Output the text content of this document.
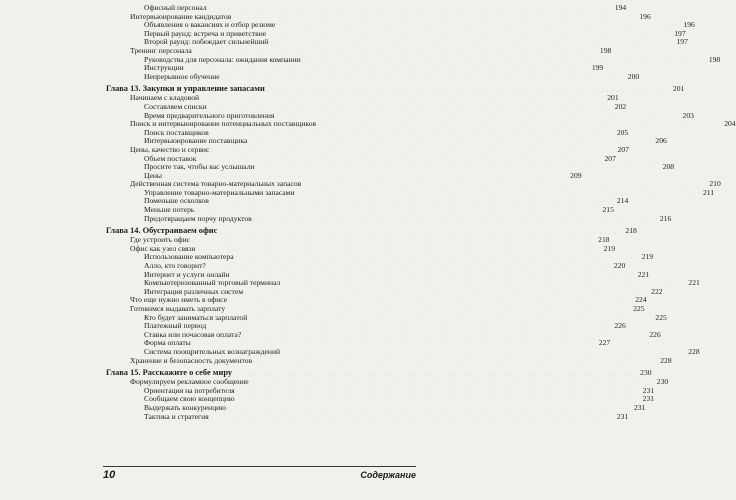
Офисный персонал . . . . . . . . . . . . . . . . . . . . . . . . . . . . . . . . . . . . . . . . . . . . . . . . . . . . . . . . . . . . . . . . . . . . . . . . . . . . . . . .	194
Интервьюирование кандидатов . . . . . . . . . . . . . . . . . . . . . . . . . . . . . . . . . . . . . . . . . . . . . . . . . . . . . . . . . . . . . . . . . . . . . . . . . . . . . . . .	196
Объявления о вакансиях и отбор резюме . . . . . . . . . . . . . . . . . . . . . . . . . . . . . . . . . . . . . . . . . . . . . . . . . . . . . . . . . . . . . . . . . . . . . . . . . . . . . . . .	196
Первый раунд: встреча и приветствие . . . . . . . . . . . . . . . . . . . . . . . . . . . . . . . . . . . . . . . . . . . . . . . . . . . . . . . . . . . . . . . . . . . . . . . . . . . . . . . .	197
Второй раунд: побеждает сильнейший . . . . . . . . . . . . . . . . . . . . . . . . . . . . . . . . . . . . . . . . . . . . . . . . . . . . . . . . . . . . . . . . . . . . . . . . . . . . . . . .	197
Тренинг персонала . . . . . . . . . . . . . . . . . . . . . . . . . . . . . . . . . . . . . . . . . . . . . . . . . . . . . . . . . . . . . . . . . . . . . . . . . . . . . . . .	198
Руководства для персонала: ожидания компании . . . . . . . . . . . . . . . . . . . . . . . . . . . . . . . . . . . . . . . . . . . . . . . . . . . . . . . . . . . . . . . . . . . . . . . . . . . . . . . .	198
Инструкции . . . . . . . . . . . . . . . . . . . . . . . . . . . . . . . . . . . . . . . . . . . . . . . . . . . . . . . . . . . . . . . . . . . . . . . . . . . . . . . .	199
Непрерывное обучение . . . . . . . . . . . . . . . . . . . . . . . . . . . . . . . . . . . . . . . . . . . . . . . . . . . . . . . . . . . . . . . . . . . . . . . . . . . . . . . .	200
Глава 13. Закупки и управление запасами . . . . . . . . . . . . . . . . . . . . . . . . . . . . . . . . . . . . . . . . . . . . . . . . . . . . . . . . . . . . . . . . . . . . . . . . . . . . . . . .	201
Начинаем с кладовой . . . . . . . . . . . . . . . . . . . . . . . . . . . . . . . . . . . . . . . . . . . . . . . . . . . . . . . . . . . . . . . . . . . . . . . . . . . . . . . .	201
Составляем списки . . . . . . . . . . . . . . . . . . . . . . . . . . . . . . . . . . . . . . . . . . . . . . . . . . . . . . . . . . . . . . . . . . . . . . . . . . . . . . . .	202
Время предварительного приготовления . . . . . . . . . . . . . . . . . . . . . . . . . . . . . . . . . . . . . . . . . . . . . . . . . . . . . . . . . . . . . . . . . . . . . . . . . . . . . . . .	203
Поиск и интервьюирование потенциальных поставщиков . . . . . . . . . . . . . . . . . . . . . . . . . . . . . . . . . . . . . . . . . . . . . . . . . . . . . . . . . . . . . . . . . . . . . . . . . . . . . . . .	204
Поиск поставщиков . . . . . . . . . . . . . . . . . . . . . . . . . . . . . . . . . . . . . . . . . . . . . . . . . . . . . . . . . . . . . . . . . . . . . . . . . . . . . . . .	205
Интервьюирование поставщика . . . . . . . . . . . . . . . . . . . . . . . . . . . . . . . . . . . . . . . . . . . . . . . . . . . . . . . . . . . . . . . . . . . . . . . . . . . . . . . .	206
Цены, качество и сервис . . . . . . . . . . . . . . . . . . . . . . . . . . . . . . . . . . . . . . . . . . . . . . . . . . . . . . . . . . . . . . . . . . . . . . . . . . . . . . . .	207
Объем поставок . . . . . . . . . . . . . . . . . . . . . . . . . . . . . . . . . . . . . . . . . . . . . . . . . . . . . . . . . . . . . . . . . . . . . . . . . . . . . . . .	207
Просите так, чтобы вас услышали . . . . . . . . . . . . . . . . . . . . . . . . . . . . . . . . . . . . . . . . . . . . . . . . . . . . . . . . . . . . . . . . . . . . . . . . . . . . . . . .	208
Цены . . . . . . . . . . . . . . . . . . . . . . . . . . . . . . . . . . . . . . . . . . . . . . . . . . . . . . . . . . . . . . . . . . . . . . . . . . . . . . . .	209
Действенная система товарно-материальных запасов . . . . . . . . . . . . . . . . . . . . . . . . . . . . . . . . . . . . . . . . . . . . . . . . . . . . . . . . . . . . . . . . . . . . . . . . . . . . . . . .	210
Управление товарно-материальными запасами . . . . . . . . . . . . . . . . . . . . . . . . . . . . . . . . . . . . . . . . . . . . . . . . . . . . . . . . . . . . . . . . . . . . . . . . . . . . . . . .	211
Поменьше осколков . . . . . . . . . . . . . . . . . . . . . . . . . . . . . . . . . . . . . . . . . . . . . . . . . . . . . . . . . . . . . . . . . . . . . . . . . . . . . . . .	214
Меньше потерь . . . . . . . . . . . . . . . . . . . . . . . . . . . . . . . . . . . . . . . . . . . . . . . . . . . . . . . . . . . . . . . . . . . . . . . . . . . . . . . .	215
Предотвращаем порчу продуктов . . . . . . . . . . . . . . . . . . . . . . . . . . . . . . . . . . . . . . . . . . . . . . . . . . . . . . . . . . . . . . . . . . . . . . . . . . . . . . . .	216
Глава 14. Обустраиваем офис . . . . . . . . . . . . . . . . . . . . . . . . . . . . . . . . . . . . . . . . . . . . . . . . . . . . . . . . . . . . . . . . . . . . . . . . . . . . . . . .	218
Где устроить офис . . . . . . . . . . . . . . . . . . . . . . . . . . . . . . . . . . . . . . . . . . . . . . . . . . . . . . . . . . . . . . . . . . . . . . . . . . . . . . . .	218
Офис как узел связи . . . . . . . . . . . . . . . . . . . . . . . . . . . . . . . . . . . . . . . . . . . . . . . . . . . . . . . . . . . . . . . . . . . . . . . . . . . . . . . .	219
Использование компьютера . . . . . . . . . . . . . . . . . . . . . . . . . . . . . . . . . . . . . . . . . . . . . . . . . . . . . . . . . . . . . . . . . . . . . . . . . . . . . . . .	219
Алло, кто говорит? . . . . . . . . . . . . . . . . . . . . . . . . . . . . . . . . . . . . . . . . . . . . . . . . . . . . . . . . . . . . . . . . . . . . . . . . . . . . . . . .	220
Интернет и услуги онлайн . . . . . . . . . . . . . . . . . . . . . . . . . . . . . . . . . . . . . . . . . . . . . . . . . . . . . . . . . . . . . . . . . . . . . . . . . . . . . . . .	221
Компьютеризованный торговый терминал . . . . . . . . . . . . . . . . . . . . . . . . . . . . . . . . . . . . . . . . . . . . . . . . . . . . . . . . . . . . . . . . . . . . . . . . . . . . . . . .	221
Интеграция различных систем . . . . . . . . . . . . . . . . . . . . . . . . . . . . . . . . . . . . . . . . . . . . . . . . . . . . . . . . . . . . . . . . . . . . . . . . . . . . . . . .	222
Что еще нужно иметь в офисе . . . . . . . . . . . . . . . . . . . . . . . . . . . . . . . . . . . . . . . . . . . . . . . . . . . . . . . . . . . . . . . . . . . . . . . . . . . . . . . .	224
Готовимся выдавать зарплату . . . . . . . . . . . . . . . . . . . . . . . . . . . . . . . . . . . . . . . . . . . . . . . . . . . . . . . . . . . . . . . . . . . . . . . . . . . . . . . .	225
Кто будет заниматься зарплатой . . . . . . . . . . . . . . . . . . . . . . . . . . . . . . . . . . . . . . . . . . . . . . . . . . . . . . . . . . . . . . . . . . . . . . . . . . . . . . . .	225
Платежный период . . . . . . . . . . . . . . . . . . . . . . . . . . . . . . . . . . . . . . . . . . . . . . . . . . . . . . . . . . . . . . . . . . . . . . . . . . . . . . . .	226
Ставка или почасовая оплата? . . . . . . . . . . . . . . . . . . . . . . . . . . . . . . . . . . . . . . . . . . . . . . . . . . . . . . . . . . . . . . . . . . . . . . . . . . . . . . . .	226
Форма оплаты . . . . . . . . . . . . . . . . . . . . . . . . . . . . . . . . . . . . . . . . . . . . . . . . . . . . . . . . . . . . . . . . . . . . . . . . . . . . . . . .	227
Система поощрительных вознаграждений . . . . . . . . . . . . . . . . . . . . . . . . . . . . . . . . . . . . . . . . . . . . . . . . . . . . . . . . . . . . . . . . . . . . . . . . . . . . . . . .	228
Хранение и безопасность документов . . . . . . . . . . . . . . . . . . . . . . . . . . . . . . . . . . . . . . . . . . . . . . . . . . . . . . . . . . . . . . . . . . . . . . . . . . . . . . . .	228
Глава 15. Расскажите о себе миру . . . . . . . . . . . . . . . . . . . . . . . . . . . . . . . . . . . . . . . . . . . . . . . . . . . . . . . . . . . . . . . . . . . . . . . . . . . . . . . .	230
Формулируем рекламное сообщение . . . . . . . . . . . . . . . . . . . . . . . . . . . . . . . . . . . . . . . . . . . . . . . . . . . . . . . . . . . . . . . . . . . . . . . . . . . . . . . .	230
Ориентация на потребителя . . . . . . . . . . . . . . . . . . . . . . . . . . . . . . . . . . . . . . . . . . . . . . . . . . . . . . . . . . . . . . . . . . . . . . . . . . . . . . . .	231
Сообщаем свою концепцию . . . . . . . . . . . . . . . . . . . . . . . . . . . . . . . . . . . . . . . . . . . . . . . . . . . . . . . . . . . . . . . . . . . . . . . . . . . . . . . .	231
Выдержать конкуренцию . . . . . . . . . . . . . . . . . . . . . . . . . . . . . . . . . . . . . . . . . . . . . . . . . . . . . . . . . . . . . . . . . . . . . . . . . . . . . . . .	231
Тактика и стратегия . . . . . . . . . . . . . . . . . . . . . . . . . . . . . . . . . . . . . . . . . . . . . . . . . . . . . . . . . . . . . . . . . . . . . . . . . . . . . . . .	231
10	Содержание
